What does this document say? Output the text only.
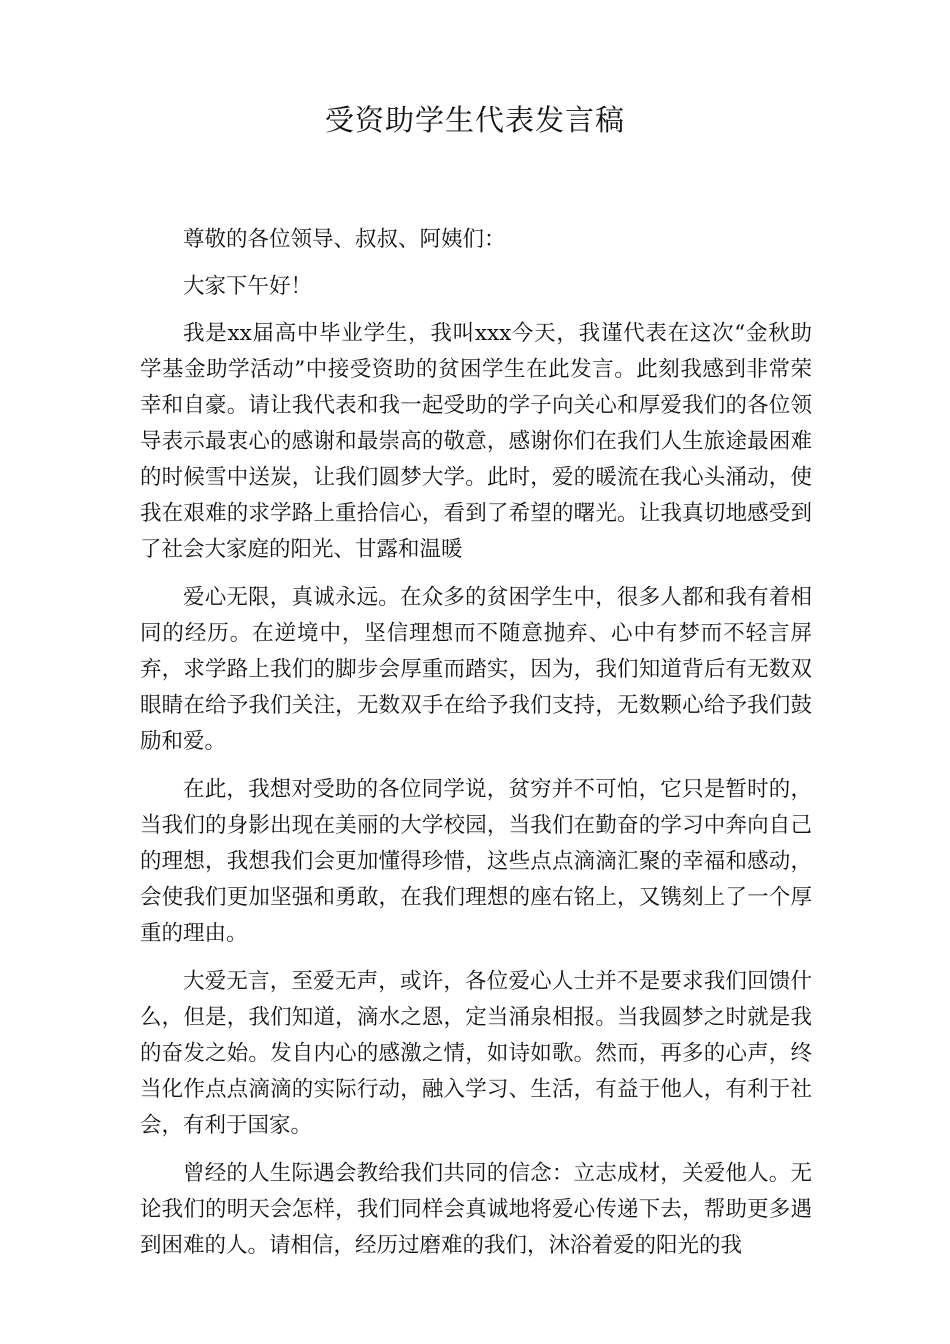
受资助学生代表发言稿

尊敬的各位领导、叔叔、阿姨们：

大家下午好！

我是xx届高中毕业学生，我叫xxx今天，我谨代表在这次“金秋助学基金助学活动”中接受资助的贫困学生在此发言。此刻我感到非常荣幸和自豪。请让我代表和我一起受助的学子向关心和厚爱我们的各位领导表示最衷心的感谢和最崇高的敬意，感谢你们在我们人生旅途最困难的时候雪中送炭，让我们圆梦大学。此时，爱的暖流在我心头涌动，使我在艰难的求学路上重拾信心，看到了希望的曙光。让我真切地感受到了社会大家庭的阳光、甘露和温暖

爱心无限，真诚永远。在众多的贫困学生中，很多人都和我有着相同的经历。在逆境中，坚信理想而不随意抛弃、心中有梦而不轻言屏弃，求学路上我们的脚步会厚重而踏实，因为，我们知道背后有无数双眼睛在给予我们关注，无数双手在给予我们支持，无数颗心给予我们鼓励和爱。

在此，我想对受助的各位同学说，贫穷并不可怕，它只是暂时的，当我们的身影出现在美丽的大学校园，当我们在勤奋的学习中奔向自己的理想，我想我们会更加懂得珍惜，这些点点滴滴汇聚的幸福和感动，会使我们更加坚强和勇敢，在我们理想的座右铭上，又镌刻上了一个厚重的理由。

大爱无言，至爱无声，或许，各位爱心人士并不是要求我们回馈什么，但是，我们知道，滴水之恩，定当涌泉相报。当我圆梦之时就是我的奋发之始。发自内心的感激之情，如诗如歌。然而，再多的心声，终当化作点点滴滴的实际行动，融入学习、生活，有益于他人，有利于社会，有利于国家。

曾经的人生际遇会教给我们共同的信念：立志成材，关爱他人。无论我们的明天会怎样，我们同样会真诚地将爱心传递下去，帮助更多遇到困难的人。请相信，经历过磨难的我们，沐浴着爱的阳光的我
